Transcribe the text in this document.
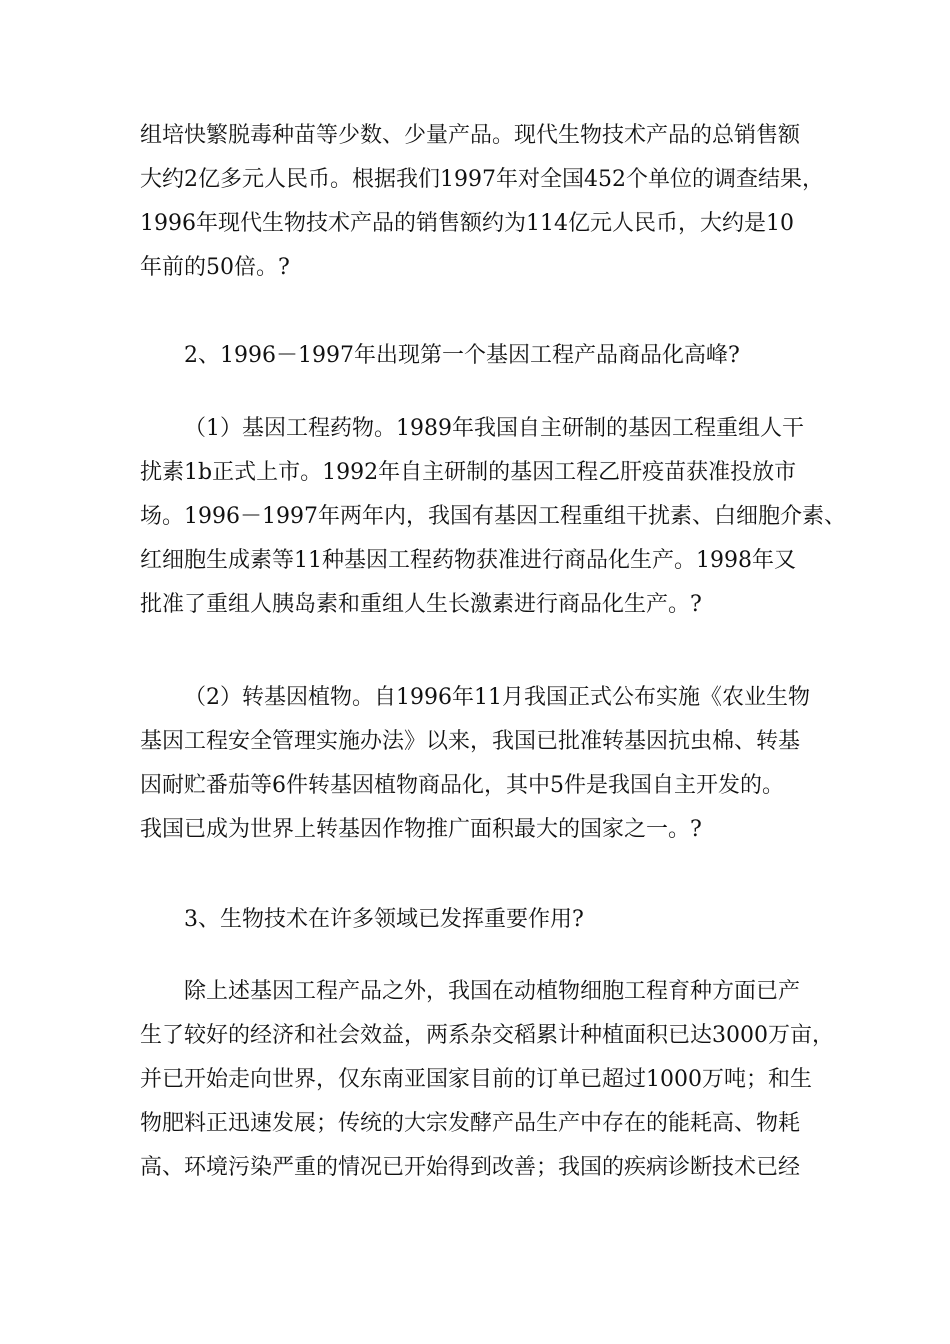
组培快繁脱毒种苗等少数、少量产品。现代生物技术产品的总销售额
大约2亿多元人民币。根据我们1997年对全国452个单位的调查结果，
1996年现代生物技术产品的销售额约为114亿元人民币，大约是10
年前的50倍。?
2、1996－1997年出现第一个基因工程产品商品化高峰?
（1）基因工程药物。1989年我国自主研制的基因工程重组人干
扰素1b正式上市。1992年自主研制的基因工程乙肝疫苗获准投放市
场。1996－1997年两年内，我国有基因工程重组干扰素、白细胞介素、
红细胞生成素等11种基因工程药物获准进行商品化生产。1998年又
批准了重组人胰岛素和重组人生长激素进行商品化生产。?
（2）转基因植物。自1996年11月我国正式公布实施《农业生物
基因工程安全管理实施办法》以来，我国已批准转基因抗虫棉、转基
因耐贮番茄等6件转基因植物商品化，其中5件是我国自主开发的。
我国已成为世界上转基因作物推广面积最大的国家之一。?
3、生物技术在许多领域已发挥重要作用?
除上述基因工程产品之外，我国在动植物细胞工程育种方面已产
生了较好的经济和社会效益，两系杂交稻累计种植面积已达3000万亩，
并已开始走向世界，仅东南亚国家目前的订单已超过1000万吨；和生
物肥料正迅速发展；传统的大宗发酵产品生产中存在的能耗高、物耗
高、环境污染严重的情况已开始得到改善；我国的疾病诊断技术已经
